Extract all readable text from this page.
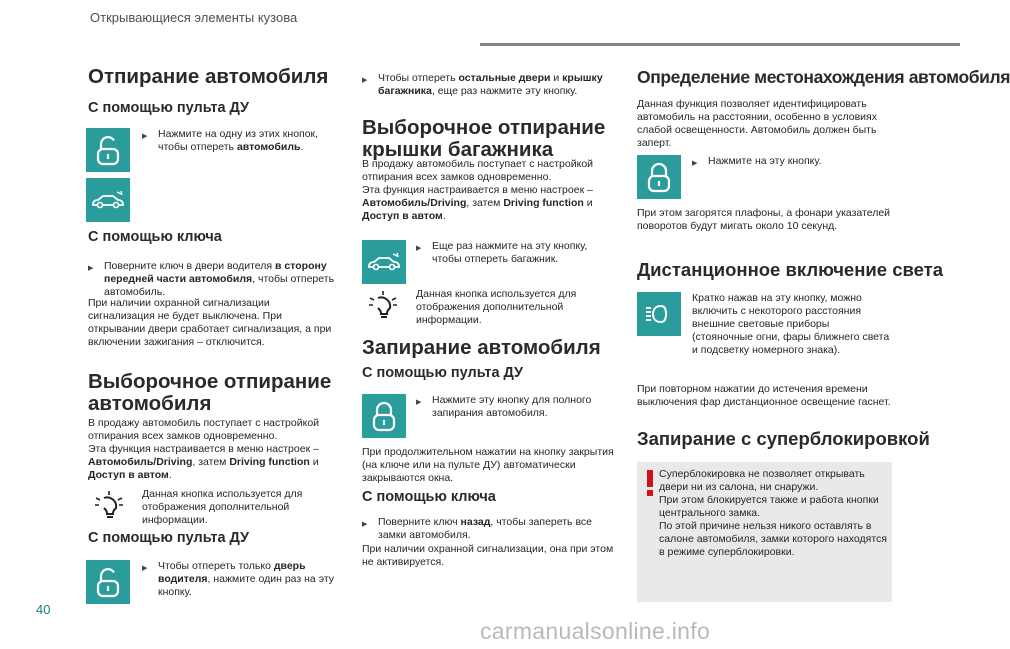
Открывающиеся элементы кузова
Отпирание автомобиля
С помощью пульта ДУ
▶	Нажмите на одну из этих кнопок, чтобы отпереть автомобиль.
С помощью ключа
▶	Поверните ключ в двери водителя в сторону передней части автомобиля, чтобы отпереть автомобиль.
При наличии охранной сигнализации сигнализация не будет выключена. При открывании двери сработает сигнализация, а при включении зажигания – отключится.
Выборочное отпирание
автомобиля
В продажу автомобиль поступает с настройкой отпирания всех замков одновременно.
Эта функция настраивается в меню настроек – Автомобиль/Driving, затем Driving function и Доступ в автом.
Данная кнопка используется для отображения дополнительной информации.
С помощью пульта ДУ
▶	Чтобы отпереть только дверь водителя, нажмите один раз на эту кнопку.
▶	Чтобы отпереть остальные двери и крышку багажника, еще раз нажмите эту кнопку.
Выборочное отпирание
крышки багажника
В продажу автомобиль поступает с настройкой отпирания всех замков одновременно.
Эта функция настраивается в меню настроек – Автомобиль/Driving, затем Driving function и Доступ в автом.
▶	Еще раз нажмите на эту кнопку, чтобы отпереть багажник.
Данная кнопка используется для отображения дополнительной информации.
Запирание автомобиля
С помощью пульта ДУ
▶	Нажмите эту кнопку для полного запирания автомобиля.
При продолжительном нажатии на кнопку закрытия (на ключе или на пульте ДУ) автоматически закрываются окна.
С помощью ключа
▶	Поверните ключ назад, чтобы запереть все замки автомобиля.
При наличии охранной сигнализации, она при этом не активируется.
Определение местонахождения автомобиля
Данная функция позволяет идентифицировать автомобиль на расстоянии, особенно в условиях слабой освещенности. Автомобиль должен быть заперт.
▶	Нажмите на эту кнопку.
При этом загорятся плафоны, а фонари указателей поворотов будут мигать около 10 секунд.
Дистанционное включение света
Кратко нажав на эту кнопку, можно включить с некоторого расстояния внешние световые приборы (стояночные огни, фары ближнего света и подсветку номерного знака).
При повторном нажатии до истечения времени выключения фар дистанционное освещение гаснет.
Запирание с суперблокировкой
Суперблокировка не позволяет открывать двери ни из салона, ни снаружи.
При этом блокируется также и работа кнопки центрального замка.
По этой причине нельзя никого оставлять в салоне автомобиля, замки которого находятся в режиме суперблокировки.
40
carmanualsonline.info
